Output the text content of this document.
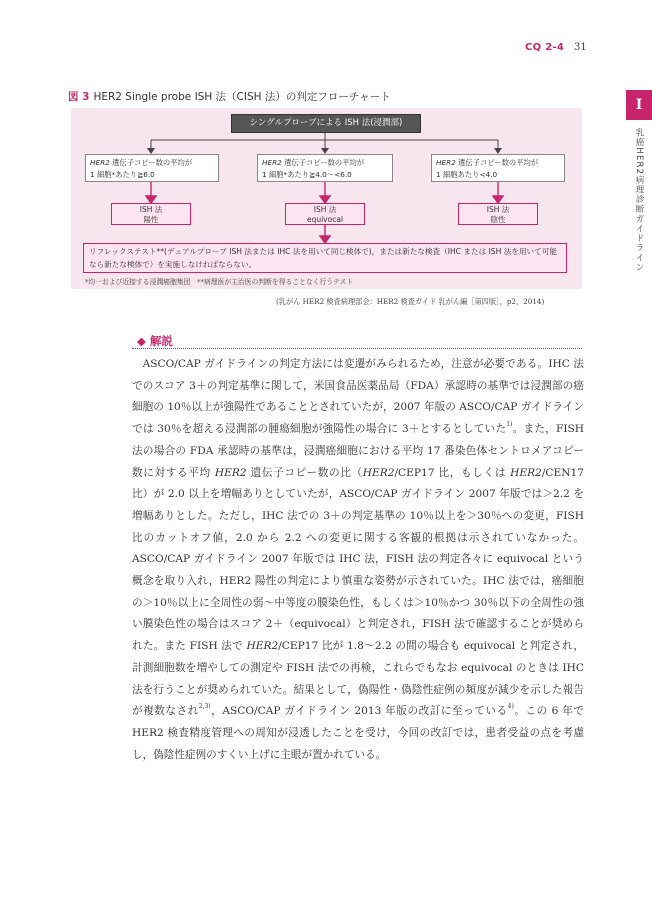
CQ 2-4 31
I
乳癌HER2病理診断ガイドライン
図 3 HER2 Single probe ISH 法（CISH 法）の判定フローチャート
シングルプローブによる ISH 法(浸潤部)
HER2 遺伝子コピー数の平均が
1 細胞*あたり≧6.0
HER2 遺伝子コピー数の平均が
1 細胞*あたり≧4.0～<6.0
HER2 遺伝子コピー数の平均が
1 細胞あたり<4.0
ISH 法
陽性
ISH 法
equivocal
ISH 法
陰性
リフレックステスト**(デュアルプローブ ISH 法または IHC 法を用いて同じ検体で)，または新たな検査（IHC または ISH 法を用いて可能なら新たな検体で）を実施しなければならない。
*均一および近接する浸潤癌胞集団　**病理医が主治医の判断を得ることなく行うテスト
(乳がん HER2 検査病理部会：HER2 検査ガイド 乳がん編［第四版］，p2，2014)
◆ 解説

ASCO/CAP ガイドラインの判定方法には変遷がみられるため，注意が必要である。IHC 法でのスコア 3＋の判定基準に関して，米国食品医薬品局（FDA）承認時の基準では浸潤部の癌細胞の 10％以上が強陽性であることとされていたが，2007 年版の ASCO/CAP ガイドラインでは 30％を超える浸潤部の腫瘍細胞が強陽性の場合に 3＋とするとしていた$^{1)}$。また，FISH 法の場合の FDA 承認時の基準は，浸潤癌細胞における平均 17 番染色体セントロメアコピー数に対する平均 HER2 遺伝子コピー数の比（HER2/CEP17 比，もしくは HER2/CEN17 比）が 2.0 以上を増幅ありとしていたが，ASCO/CAP ガイドライン 2007 年版では＞2.2 を増幅ありとした。ただし，IHC 法での 3＋の判定基準の 10％以上を＞30％への変更，FISH 比のカットオフ値，2.0 から 2.2 への変更に関する客観的根拠は示されていなかった。ASCO/CAP ガイドライン 2007 年版では IHC 法，FISH 法の判定各々に equivocal という概念を取り入れ，HER2 陽性の判定により慎重な姿勢が示されていた。IHC 法では，癌細胞の＞10％以上に全周性の弱～中等度の膜染色性，もしくは＞10％かつ 30％以下の全周性の強い膜染色性の場合はスコア 2＋（equivocal）と判定され，FISH 法で確認することが奨められた。また FISH 法で HER2/CEP17 比が 1.8～2.2 の間の場合も equivocal と判定され，計測細胞数を増やしての測定や FISH 法での再検，これらでもなお equivocal のときは IHC 法を行うことが奨められていた。結果として，偽陽性・偽陰性症例の頻度が減少を示した報告が複数なされ$^{2,3)}$，ASCO/CAP ガイドライン 2013 年版の改訂に至っている$^{4)}$。この 6 年で HER2 検査精度管理への周知が浸透したことを受け，今回の改訂では，患者受益の点を考慮し，偽陰性症例のすくい上げに主眼が置かれている。
